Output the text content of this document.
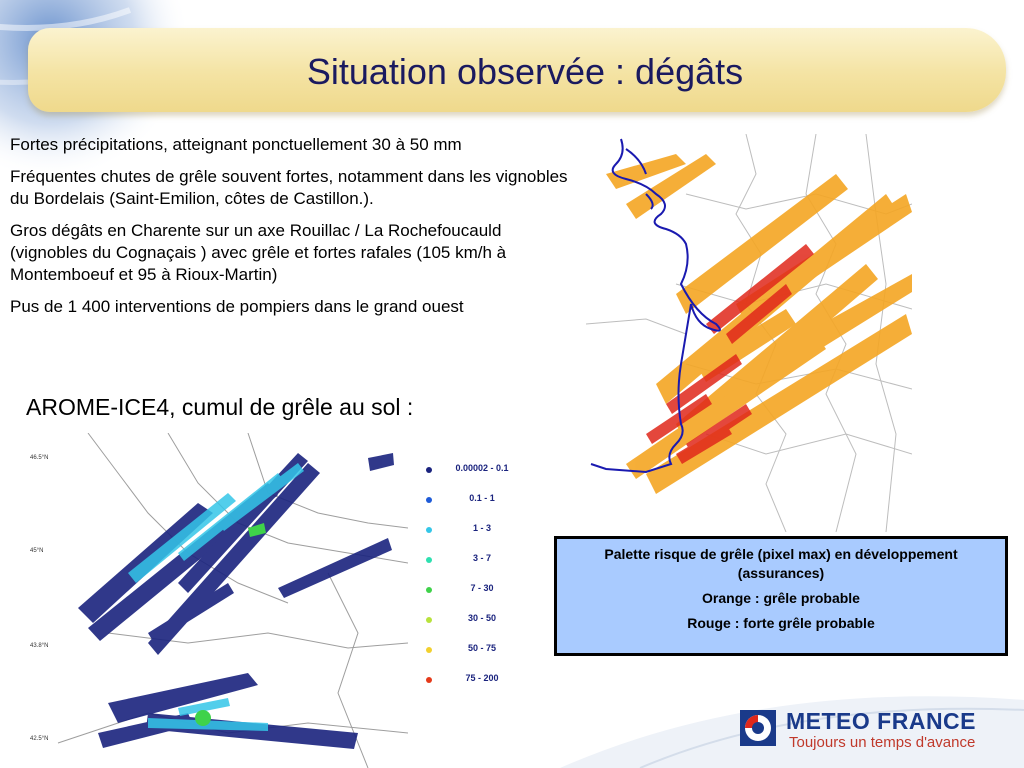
Situation observée : dégâts

Fortes précipitations, atteignant ponctuellement 30 à 50 mm

Fréquentes chutes de grêle souvent fortes, notamment dans les vignobles du Bordelais (Saint-Emilion, côtes de Castillon.).

Gros dégâts en Charente sur un axe Rouillac / La Rochefoucauld (vignobles du Cognaçais ) avec grêle et fortes rafales (105 km/h à Montemboeuf et 95 à Rioux-Martin)

Pus de 1 400 interventions de pompiers dans le grand ouest

AROME-ICE4, cumul de grêle au sol :
46.5°N
45°N
43.8°N
42.5°N
0.00002 - 0.1
0.1 - 1
1 - 3
3 - 7
7 - 30
30 - 50
50 - 75
75 - 200

Palette risque de grêle (pixel max) en développement (assurances)

Orange : grêle probable

Rouge : forte grêle probable

METEO FRANCE
Toujours un temps d'avance
